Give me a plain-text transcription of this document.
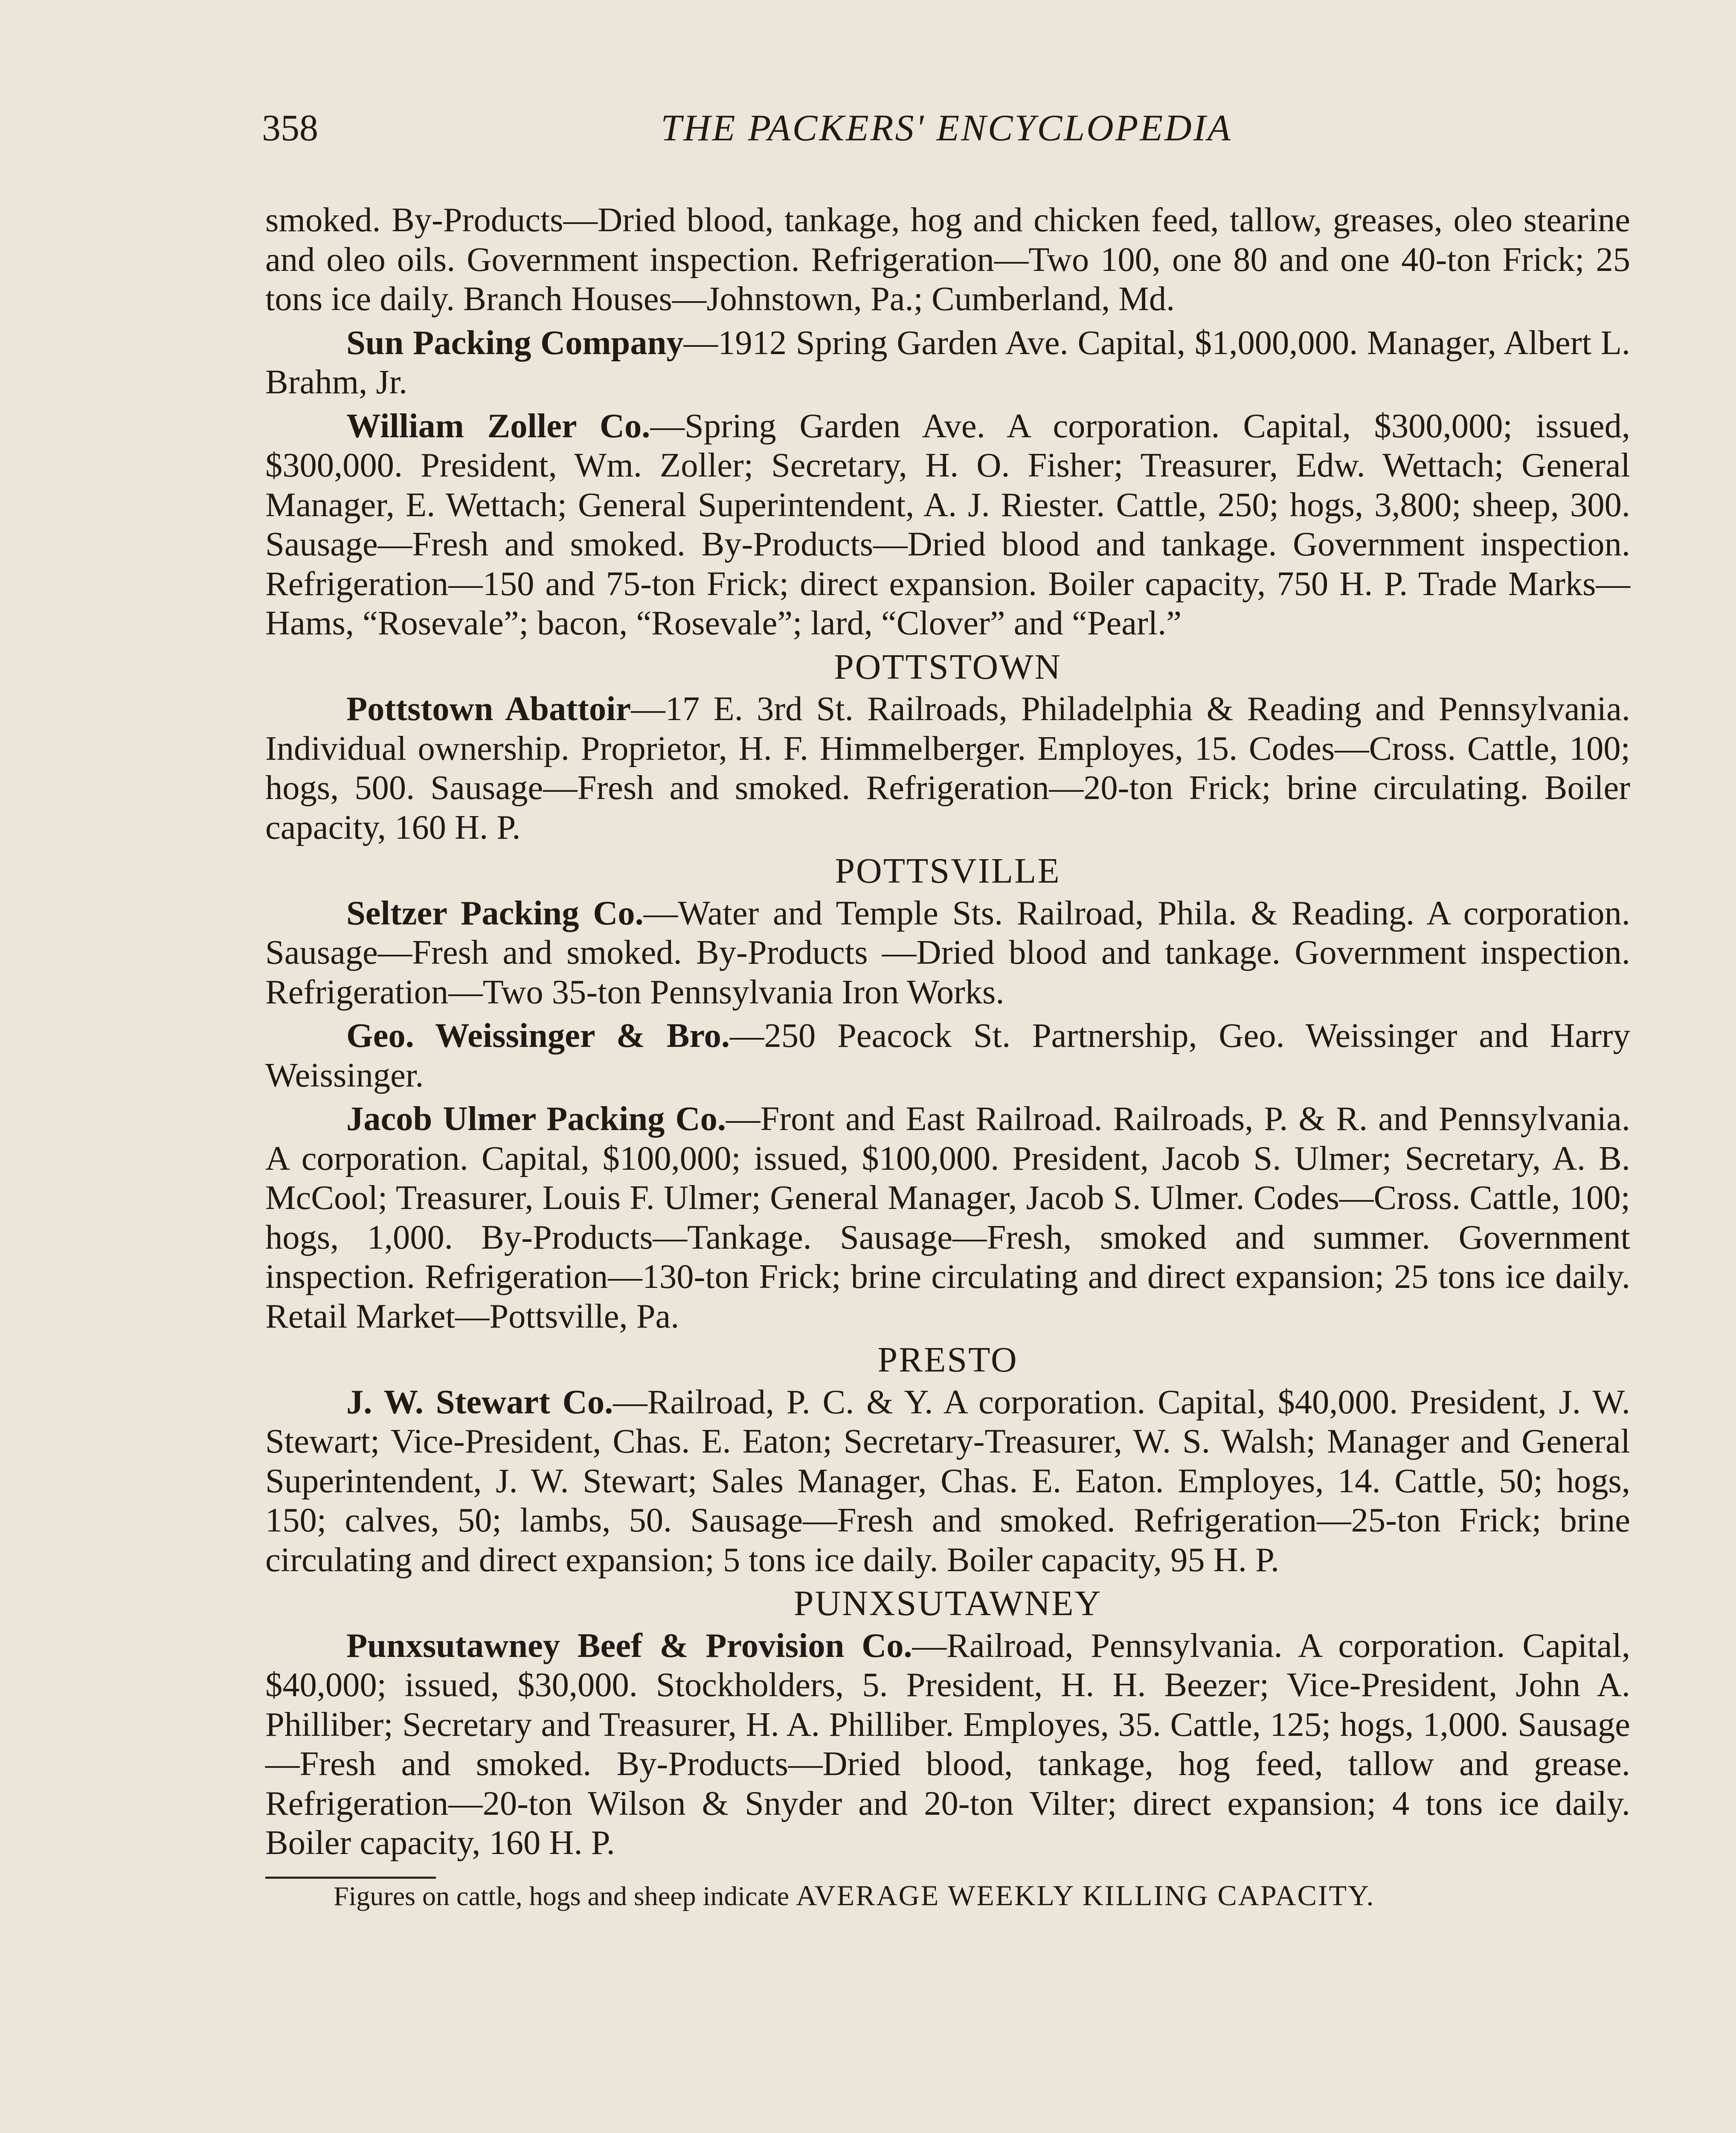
358	THE PACKERS' ENCYCLOPEDIA

smoked. By-Products—Dried blood, tankage, hog and chicken feed, tallow, greases, oleo stearine and oleo oils. Government inspection. Refrigeration—Two 100, one 80 and one 40-ton Frick; 25 tons ice daily. Branch Houses—Johnstown, Pa.; Cumberland, Md.

Sun Packing Company—1912 Spring Garden Ave. Capital, $1,000,000. Manager, Albert L. Brahm, Jr.

William Zoller Co.—Spring Garden Ave. A corporation. Capital, $300,000; issued, $300,000. President, Wm. Zoller; Secretary, H. O. Fisher; Treasurer, Edw. Wettach; General Manager, E. Wettach; General Superintendent, A. J. Riester. Cattle, 250; hogs, 3,800; sheep, 300. Sausage—Fresh and smoked. By-Products—Dried blood and tankage. Government inspection. Refrigeration—150 and 75-ton Frick; direct expansion. Boiler capacity, 750 H. P. Trade Marks—Hams, “Rosevale”; bacon, “Rosevale”; lard, “Clover” and “Pearl.”

POTTSTOWN

Pottstown Abattoir—17 E. 3rd St. Railroads, Philadelphia & Reading and Pennsylvania. Individual ownership. Proprietor, H. F. Himmelberger. Employes, 15. Codes—Cross. Cattle, 100; hogs, 500. Sausage—Fresh and smoked. Refrigeration—20-ton Frick; brine circulating. Boiler capacity, 160 H. P.

POTTSVILLE

Seltzer Packing Co.—Water and Temple Sts. Railroad, Phila. & Reading. A corporation. Sausage—Fresh and smoked. By-Products —Dried blood and tankage. Government inspection. Refrigeration—Two 35-ton Pennsylvania Iron Works.

Geo. Weissinger & Bro.—250 Peacock St. Partnership, Geo. Weissinger and Harry Weissinger.

Jacob Ulmer Packing Co.—Front and East Railroad. Railroads, P. & R. and Pennsylvania. A corporation. Capital, $100,000; issued, $100,000. President, Jacob S. Ulmer; Secretary, A. B. McCool; Treasurer, Louis F. Ulmer; General Manager, Jacob S. Ulmer. Codes—Cross. Cattle, 100; hogs, 1,000. By-Products—Tankage. Sausage—Fresh, smoked and summer. Government inspection. Refrigeration—130-ton Frick; brine circulating and direct expansion; 25 tons ice daily. Retail Market—Pottsville, Pa.

PRESTO

J. W. Stewart Co.—Railroad, P. C. & Y. A corporation. Capital, $40,000. President, J. W. Stewart; Vice-President, Chas. E. Eaton; Secretary-Treasurer, W. S. Walsh; Manager and General Superintendent, J. W. Stewart; Sales Manager, Chas. E. Eaton. Employes, 14. Cattle, 50; hogs, 150; calves, 50; lambs, 50. Sausage—Fresh and smoked. Refrigeration—25-ton Frick; brine circulating and direct expansion; 5 tons ice daily. Boiler capacity, 95 H. P.

PUNXSUTAWNEY

Punxsutawney Beef & Provision Co.—Railroad, Pennsylvania. A corporation. Capital, $40,000; issued, $30,000. Stockholders, 5. President, H. H. Beezer; Vice-President, John A. Philliber; Secretary and Treasurer, H. A. Philliber. Employes, 35. Cattle, 125; hogs, 1,000. Sausage—Fresh and smoked. By-Products—Dried blood, tankage, hog feed, tallow and grease. Refrigeration—20-ton Wilson & Snyder and 20-ton Vilter; direct expansion; 4 tons ice daily. Boiler capacity, 160 H. P.

Figures on cattle, hogs and sheep indicate AVERAGE WEEKLY KILLING CAPACITY.
